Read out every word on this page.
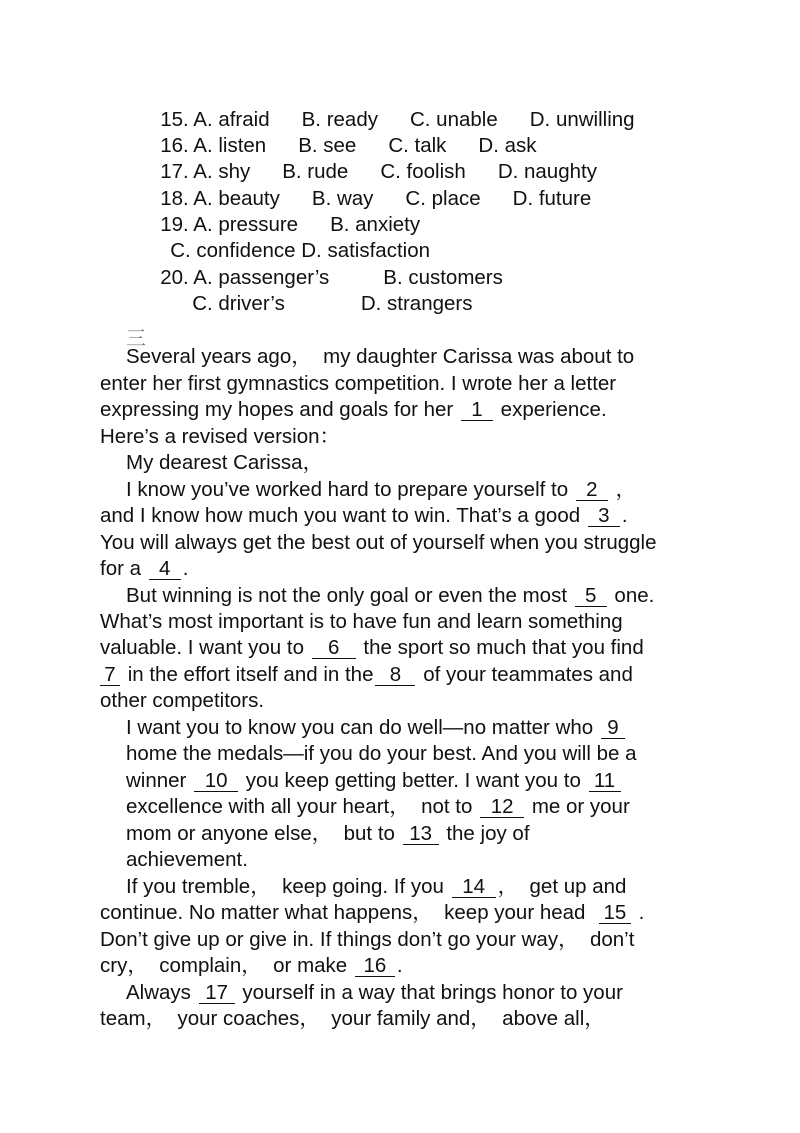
15. A. afraid B. ready C. unable D. unwilling

16. A. listen B. see C. talk D. ask

17. A. shy B. rude C. foolish D. naughty

18. A. beauty B. way C. place D. future

19. A. pressure B. anxiety

C. confidence D. satisfaction

20. A. passenger’s	B. customers

C. driver’s	D. strangers

三
Several years ago，  my daughter Carissa was about to
enter her first gymnastics competition. I wrote her a letter
expressing my hopes and goals for her 1 experience.
Here’s a revised version：
My dearest Carissa，
I know you’ve worked hard to prepare yourself to 2 ，
and I know how much you want to win. That’s a good 3 .
You will always get the best out of yourself when you struggle
for a 4 .
But winning is not the only goal or even the most 5 one.
What’s most important is to have fun and learn something
valuable. I want you to 6 the sport so much that you find
7 in the effort itself and in the 8 of your teammates and
other competitors.
I want you to know you can do well—no matter who 9
home the medals—if you do your best. And you will be a
winner 10 you keep getting better. I want you to 11
excellence with all your heart，  not to 12 me or your
mom or anyone else，  but to 13 the joy of
achievement.
If you tremble，  keep going. If you 14 ，  get up and
continue. No matter what happens，  keep your head 15 .
Don’t give up or give in. If things don’t go your way，  don’t
cry，  complain，  or make 16 .
Always 17 yourself in a way that brings honor to your
team，  your coaches，  your family and，  above all，
